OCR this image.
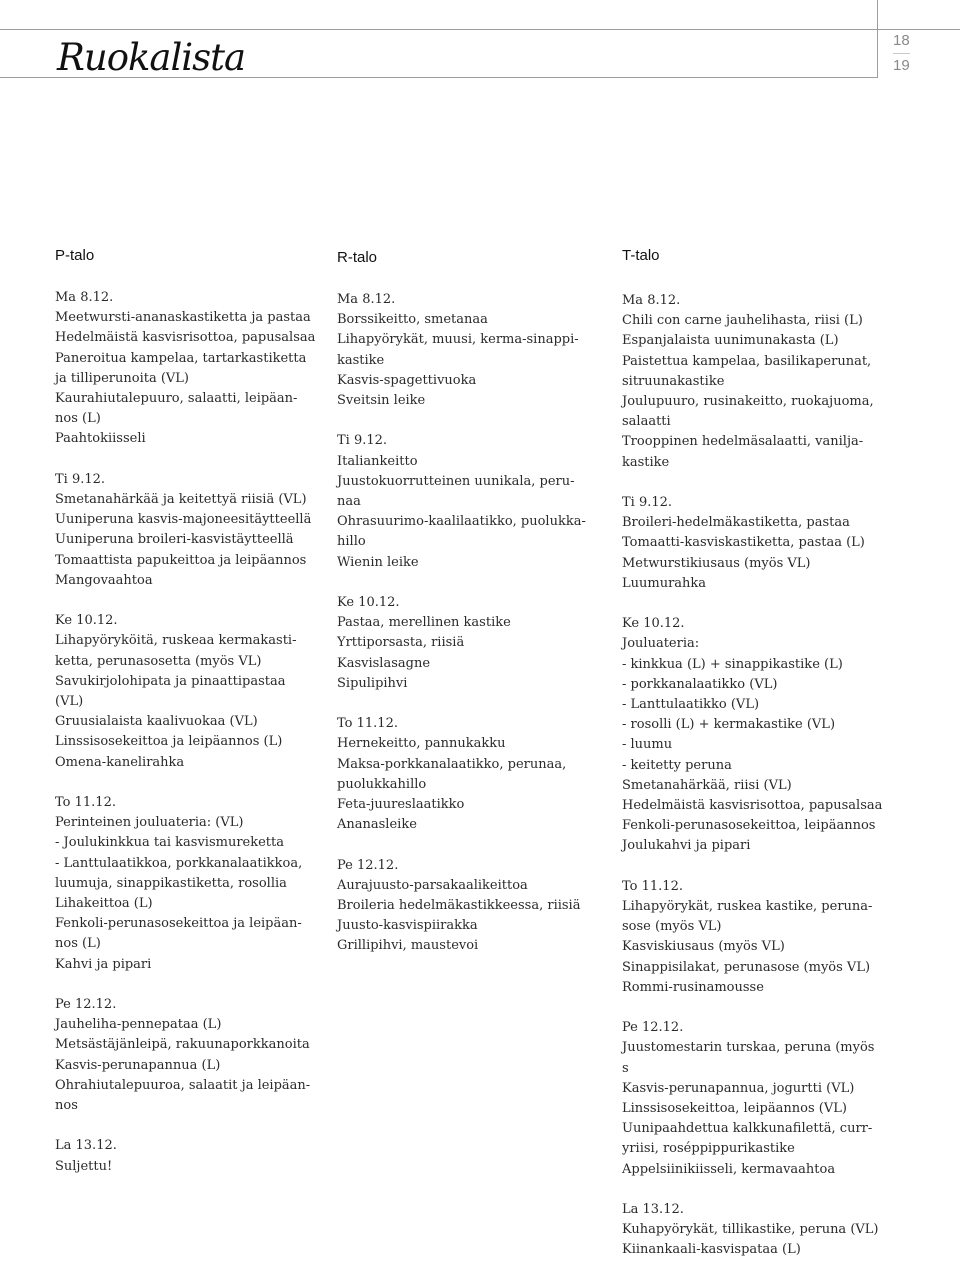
Ruokalista	18
19
P-talo
Ma 8.12.
Meetwursti-ananaskastiketta ja pastaa
Hedelmäistä kasvisrisottoa, papusalsaa
Paneroitua kampelaa, tartarkastiketta
ja tilliperunoita (VL)
Kaurahiutalepuuro, salaatti, leipäan-
nos (L)
Paahtokiisseli
Ti 9.12.
Smetanahärkää ja keitettyä riisiä (VL)
Uuniperuna kasvis-majoneesitäytteellä
Uuniperuna broileri-kasvistäytteellä
Tomaattista papukeittoa ja leipäannos
Mangovaahtoa
Ke 10.12.
Lihapyöryköitä, ruskeaa kermakasti-
ketta, perunasosetta (myös VL)
Savukirjolohipata ja pinaattipastaa (VL)
Gruusialaista kaalivuokaa (VL)
Linssisosekeittoa ja leipäannos (L)
Omena-kanelirahka
To 11.12.
Perinteinen jouluateria: (VL)
- Joulukinkkua tai kasvismureketta
- Lanttulaatikkoa, porkkanalaatikkoa,
luumuja, sinappikastiketta, rosollia
Lihakeittoa (L)
Fenkoli-perunasosekeittoa ja leipäan-
nos (L)
Kahvi ja pipari
Pe 12.12.
Jauheliha-pennepataa (L)
Metsästäjänleipä, rakuunaporkkanoita
Kasvis-perunapannua (L)
Ohrahiutalepuuroa, salaatit ja leipäan-
nos
La 13.12.
Suljettu!
R-talo
Ma 8.12.
Borssikeitto, smetanaa
Lihapyörykät, muusi, kerma-sinappi-
kastike
Kasvis-spagettivuoka
Sveitsin leike
Ti 9.12.
Italiankeitto
Juustokuorrutteinen uunikala, peru-
naa
Ohrasuurimo-kaalilaatikko, puolukka-
hillo
Wienin leike
Ke 10.12.
Pastaa, merellinen kastike
Yrttiporsasta, riisiä
Kasvislasagne
Sipulipihvi
To 11.12.
Hernekeitto, pannukakku
Maksa-porkkanalaatikko, perunaa,
puolukkahillo
Feta-juureslaatikko
Ananasleike
Pe 12.12.
Aurajuusto-parsakaalikeittoa
Broileria hedelmäkastikkeessa, riisiä
Juusto-kasvispiirakka
Grillipihvi, maustevoi
T-talo
Ma 8.12.
Chili con carne jauhelihasta, riisi (L)
Espanjalaista uunimunakasta (L)
Paistettua kampelaa, basilikaperunat,
sitruunakastike
Joulupuuro, rusinakeitto, ruokajuoma,
salaatti
Trooppinen hedelmäsalaatti, vanilja-
kastike
Ti 9.12.
Broileri-hedelmäkastiketta, pastaa
Tomaatti-kasviskastiketta, pastaa (L)
Metwurstikiusaus (myös VL)
Luumurahka
Ke 10.12.
Jouluateria:
- kinkkua (L) + sinappikastike (L)
- porkkanalaatikko (VL)
- Lanttulaatikko (VL)
- rosolli (L) + kermakastike (VL)
- luumu
- keitetty peruna
Smetanahärkää, riisi (VL)
Hedelmäistä kasvisrisottoa, papusalsaa
Fenkoli-perunasosekeittoa, leipäannos
Joulukahvi ja pipari
To 11.12.
Lihapyörykät, ruskea kastike, peruna-
sose (myös VL)
Kasviskiusaus (myös VL)
Sinappisilakat, perunasose (myös VL)
Rommi-rusinamousse
Pe 12.12.
Juustomestarin turskaa, peruna (myös
s
Kasvis-perunapannua, jogurtti (VL)
Linssisosekeittoa, leipäannos (VL)
Uunipaahdettua kalkkunafilettä, curr-
yriisi, roséppippurikastike
Appelsiinikiisseli, kermavaahtoa
La 13.12.
Kuhapyörykät, tillikastike, peruna (VL)
Kiinankaali-kasvispataa (L)
